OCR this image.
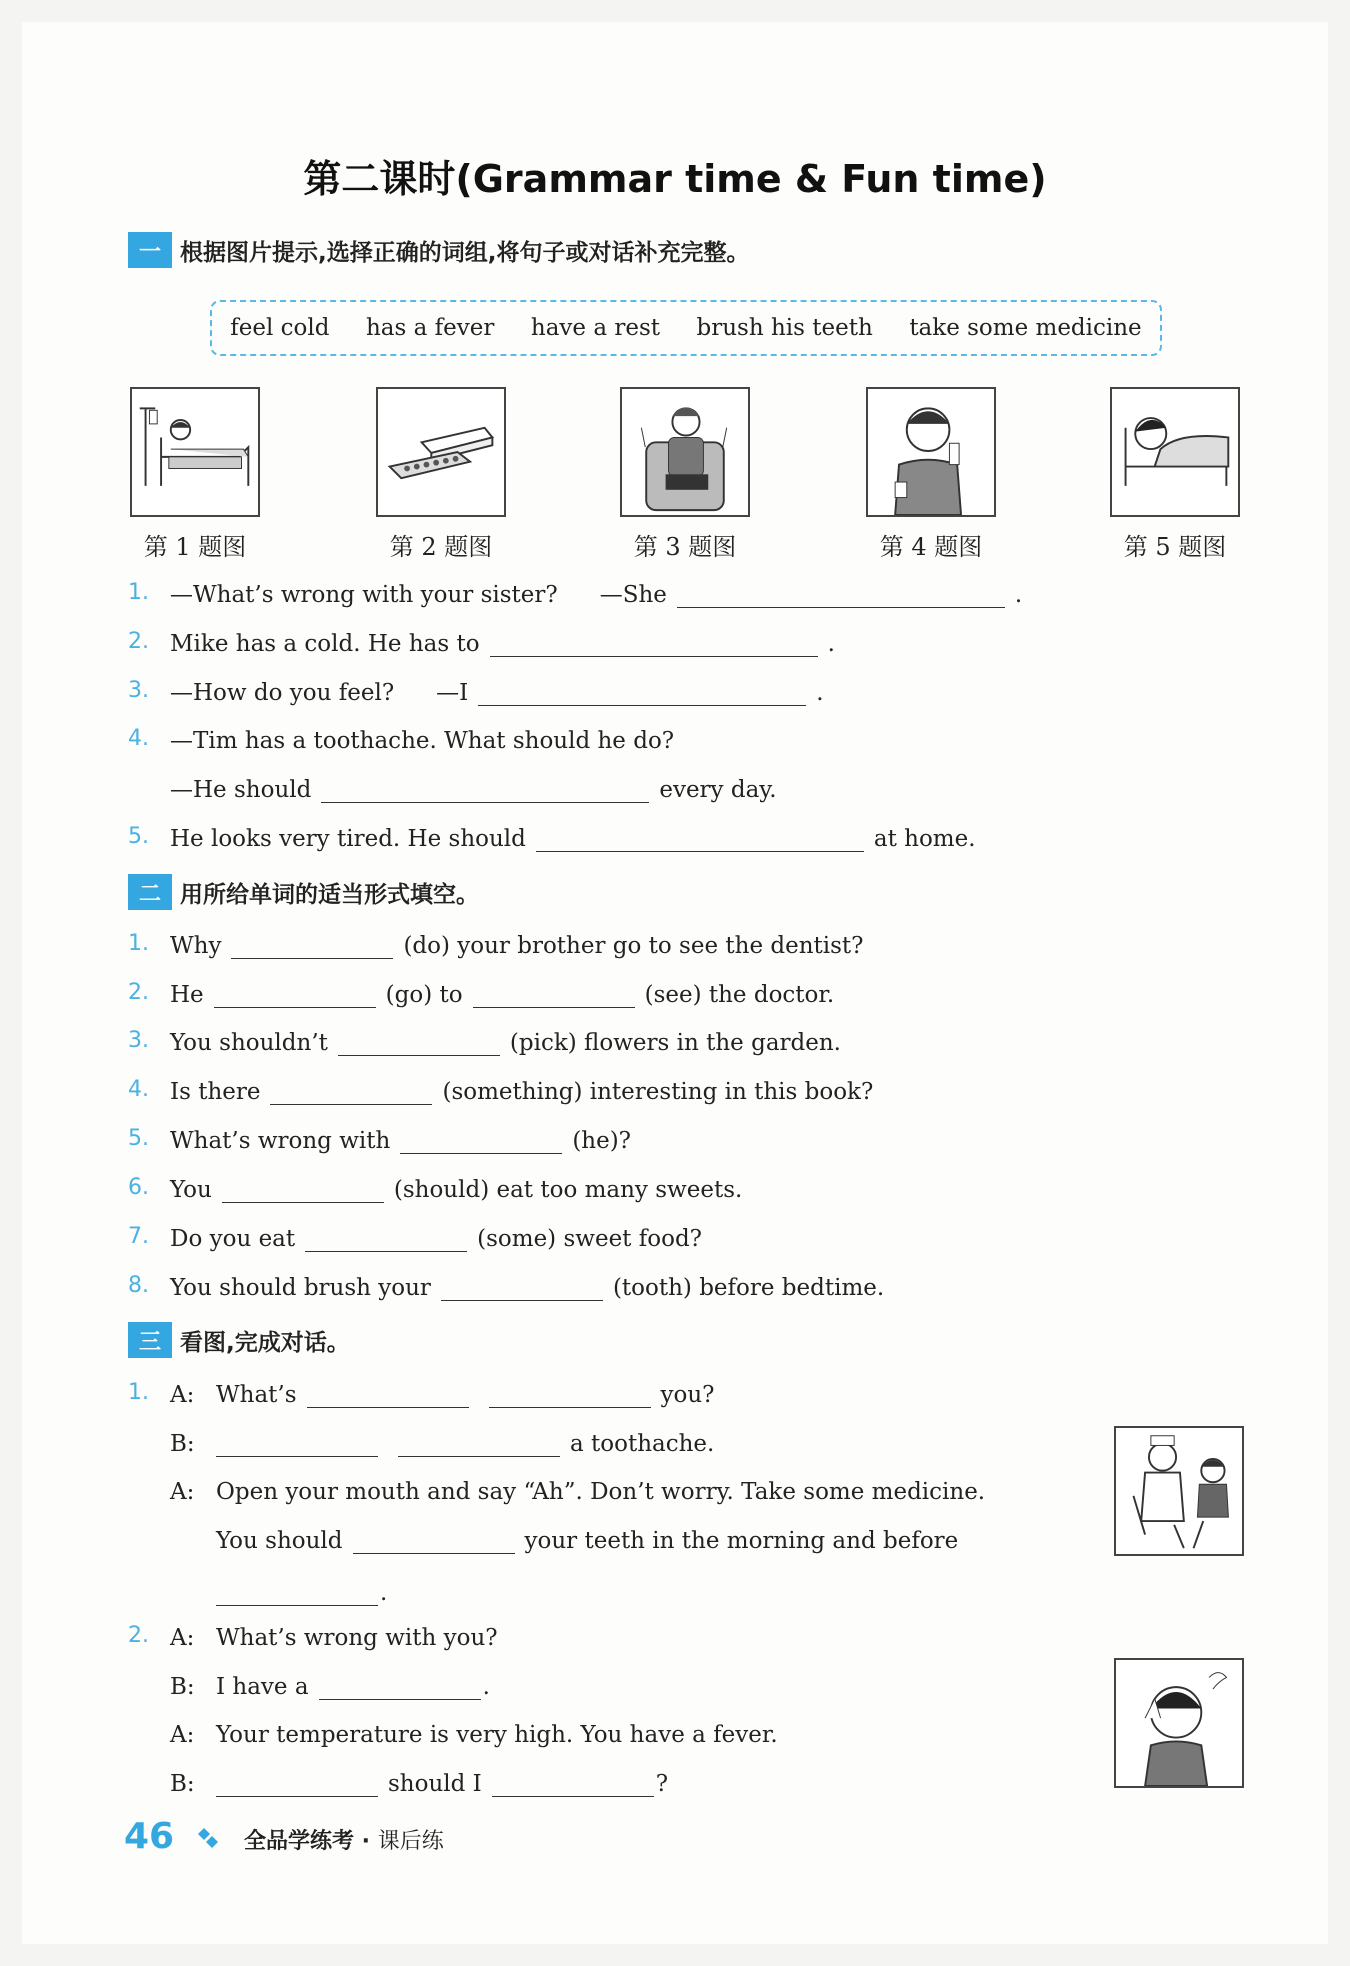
第二课时(Grammar time & Fun time)
一 根据图片提示,选择正确的词组,将句子或对话补充完整。
feel cold has a fever have a rest brush his teeth take some medicine
第 1 题图	第 2 题图	第 3 题图	第 4 题图	第 5 题图
—What’s wrong with your sister? —She	.
1.
Mike has a cold. He has to	.
2.
—How do you feel? —I	.
3.
—Tim has a toothache. What should he do?
4.
—He should	every day.
He looks very tired. He should	at home.
5.
二 用所给单词的适当形式填空。
Why	(do) your brother go to see the dentist?
1.
He	(go) to	(see) the doctor.
2.
You shouldn’t	(pick) flowers in the garden.
3.
Is there	(something) interesting in this book?
4.
What’s wrong with	(he)?
5.
You	(should) eat too many sweets.
6.
Do you eat	(some) sweet food?
7.
You should brush your	(tooth) before bedtime.
8.
三 看图,完成对话。
1. A: What’s	you?
B:	a toothache.
A: Open your mouth and say “Ah”. Don’t worry. Take some medicine.
You should	your teeth in the morning and before
.
2. A: What’s wrong with you?
B: I have a	.
A: Your temperature is very high. You have a fever.
B:	should I	?
46	全品学练考 · 课后练
